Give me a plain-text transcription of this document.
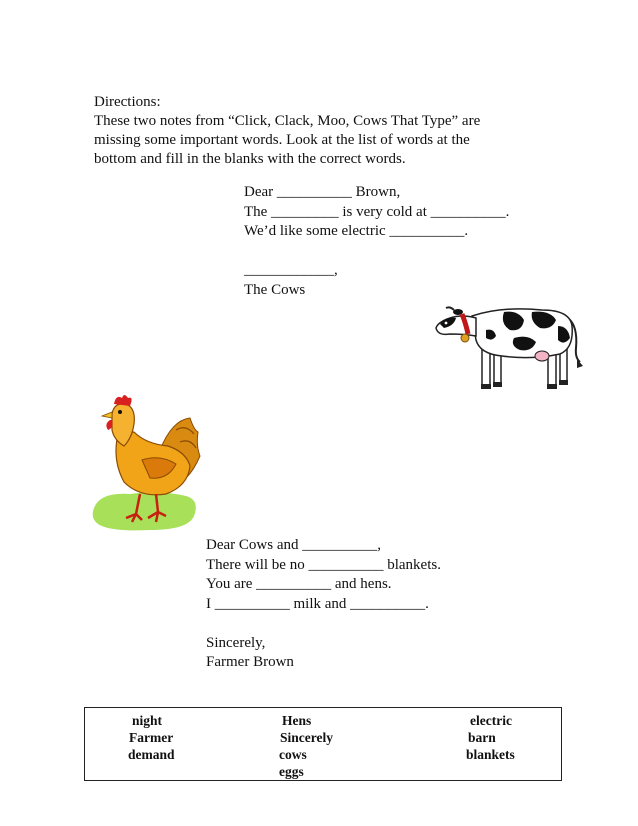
Directions:
These two notes from “Click, Clack, Moo, Cows That Type” are
missing some important words. Look at the list of words at the
bottom and fill in the blanks with the correct words.
Dear __________ Brown,
The _________ is very cold at __________.
We’d like some electric __________.
____________,
The Cows
Dear Cows and __________,
There will be no __________ blankets.
You are __________ and hens.
I __________ milk and __________.
Sincerely,
Farmer Brown
night
Farmer
demand
Hens
Sincerely
cows
eggs
electric
barn
blankets
